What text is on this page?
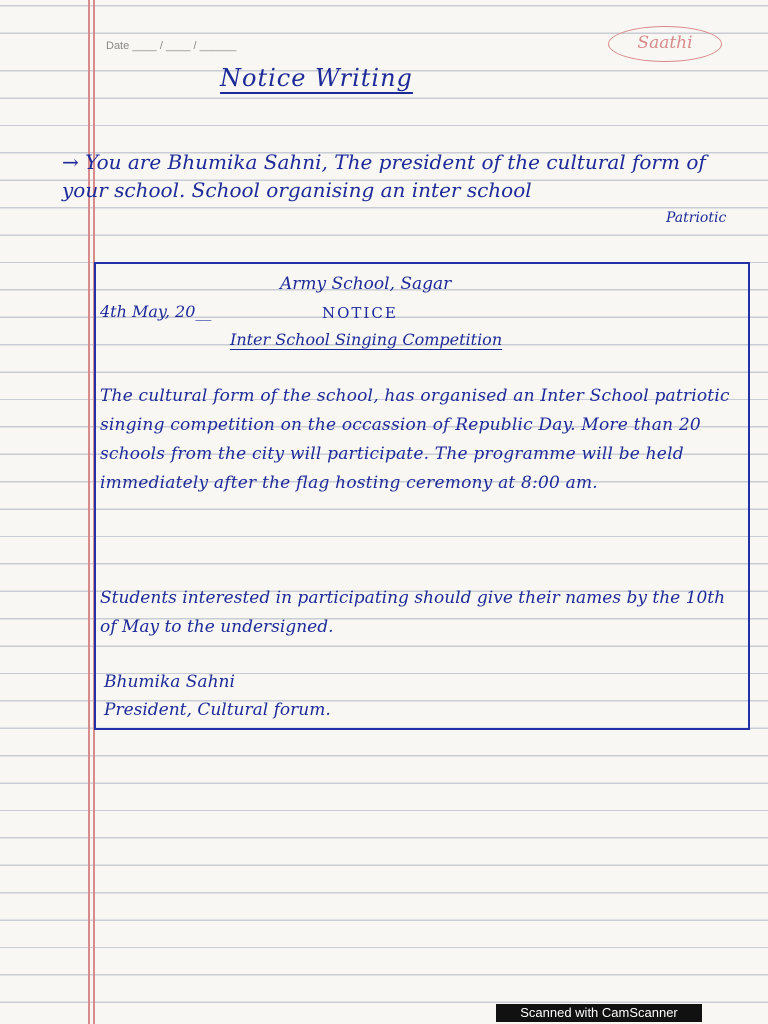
Date ____ / ____ / ______	Saathi
Notice Writing
→ You are Bhumika Sahni, The president of the cultural form of your school. School organising an inter school
Patriotic
Army School, Sagar
4th May, 20__	NOTICE
Inter School Singing Competition
The cultural form of the school, has organised an Inter School patriotic singing competition on the occassion of Republic Day. More than 20 schools from the city will participate. The programme will be held immediately after the flag hosting ceremony at 8:00 am.
Students interested in participating should give their names by the 10th of May to the undersigned.
Bhumika Sahni
President, Cultural forum.
Scanned with CamScanner
